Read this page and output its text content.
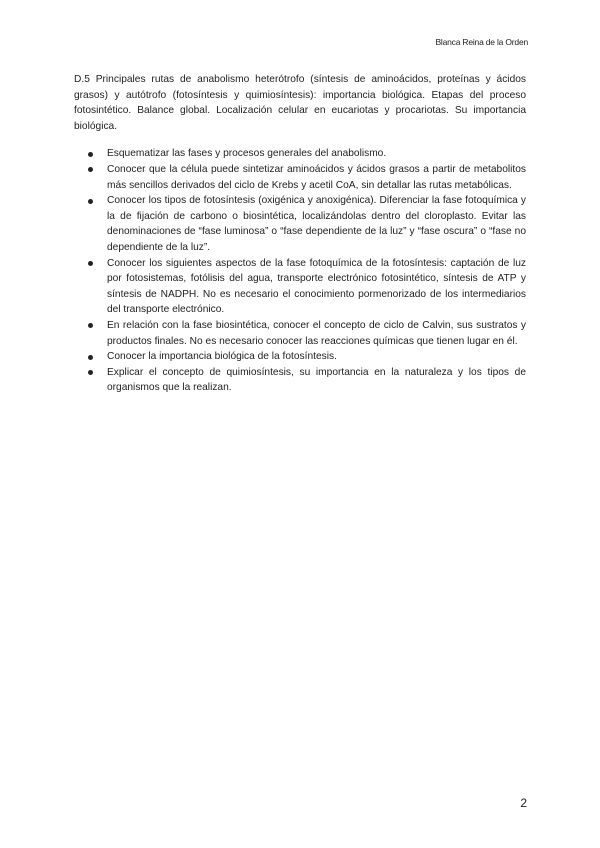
Blanca Reina de la Orden

D.5 Principales rutas de anabolismo heterótrofo (síntesis de aminoácidos, proteínas y ácidos grasos) y autótrofo (fotosíntesis y quimiosíntesis): importancia biológica. Etapas del proceso fotosintético. Balance global. Localización celular en eucariotas y procariotas. Su importancia biológica.

Esquematizar las fases y procesos generales del anabolismo.
Conocer que la célula puede sintetizar aminoácidos y ácidos grasos a partir de metabolitos más sencillos derivados del ciclo de Krebs y acetil CoA, sin detallar las rutas metabólicas.
Conocer los tipos de fotosíntesis (oxigénica y anoxigénica). Diferenciar la fase fotoquímica y la de fijación de carbono o biosintética, localizándolas dentro del cloroplasto. Evitar las denominaciones de “fase luminosa” o “fase dependiente de la luz” y “fase oscura” o “fase no dependiente de la luz”.
Conocer los siguientes aspectos de la fase fotoquímica de la fotosíntesis: captación de luz por fotosistemas, fotólisis del agua, transporte electrónico fotosintético, síntesis de ATP y síntesis de NADPH. No es necesario el conocimiento pormenorizado de los intermediarios del transporte electrónico.
En relación con la fase biosintética, conocer el concepto de ciclo de Calvin, sus sustratos y productos finales. No es necesario conocer las reacciones químicas que tienen lugar en él.
Conocer la importancia biológica de la fotosíntesis.
Explicar el concepto de quimiosíntesis, su importancia en la naturaleza y los tipos de organismos que la realizan.
2
